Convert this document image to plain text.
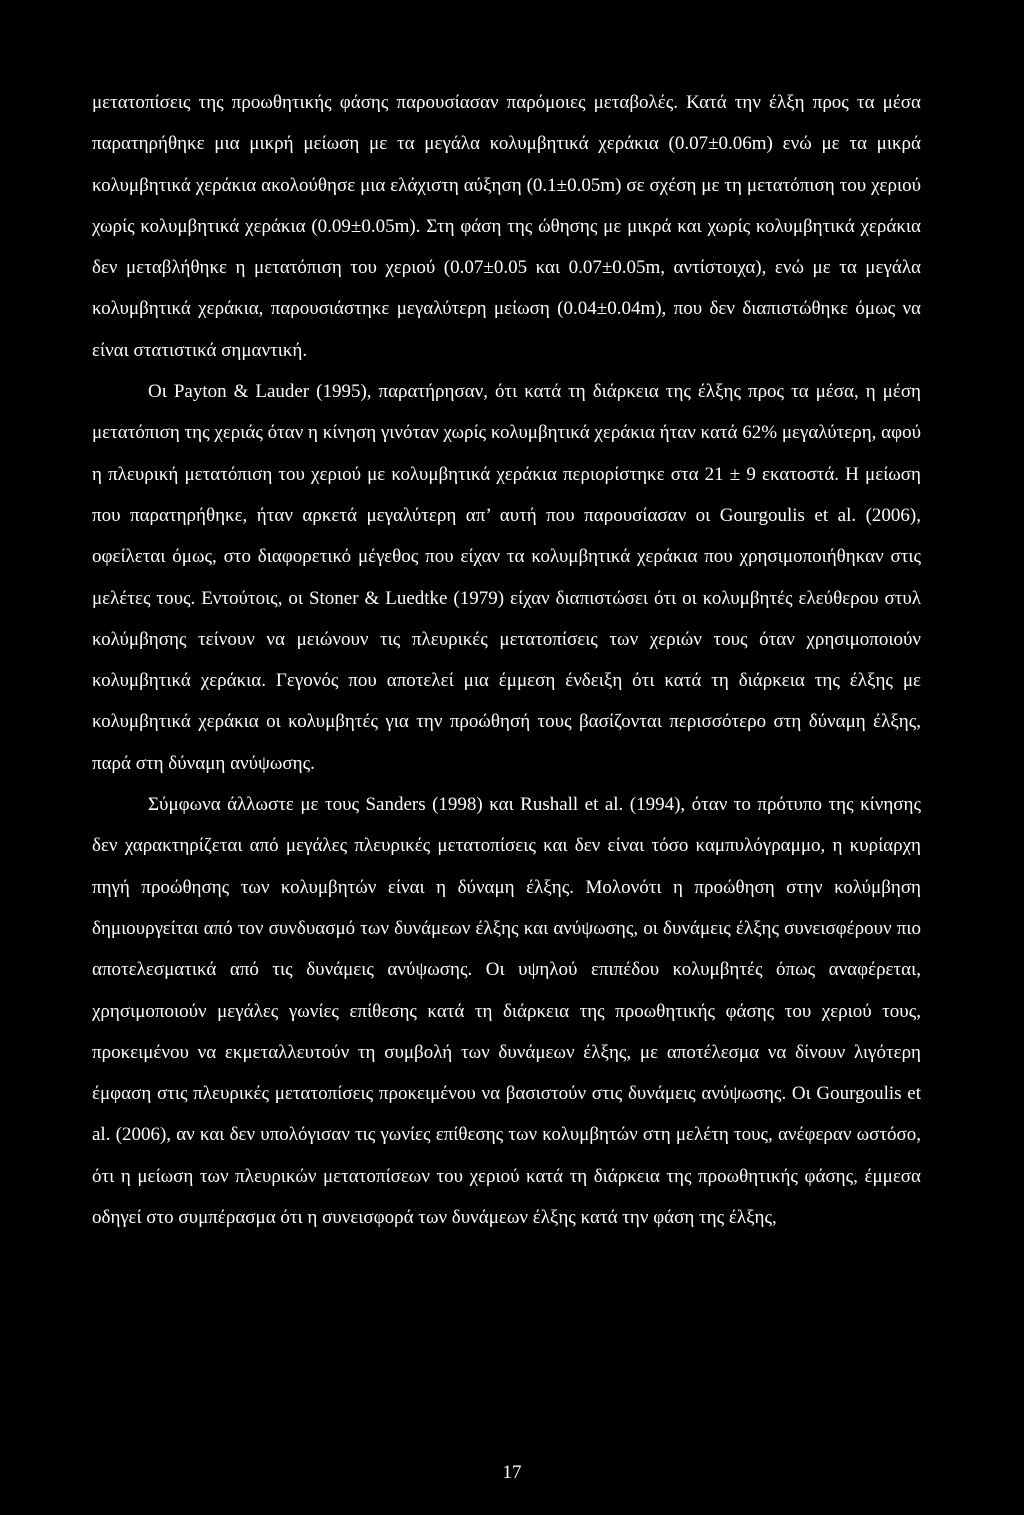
μετατοπίσεις της προωθητικής φάσης παρουσίασαν παρόμοιες μεταβολές. Κατά την έλξη προς τα μέσα παρατηρήθηκε μια μικρή μείωση με τα μεγάλα κολυμβητικά χεράκια (0.07±0.06m) ενώ με τα μικρά κολυμβητικά χεράκια ακολούθησε μια ελάχιστη αύξηση (0.1±0.05m) σε σχέση με τη μετατόπιση του χεριού χωρίς κολυμβητικά χεράκια (0.09±0.05m). Στη φάση της ώθησης με μικρά και χωρίς κολυμβητικά χεράκια δεν μεταβλήθηκε η μετατόπιση του χεριού (0.07±0.05 και 0.07±0.05m, αντίστοιχα), ενώ με τα μεγάλα κολυμβητικά χεράκια, παρουσιάστηκε μεγαλύτερη μείωση (0.04±0.04m), που δεν διαπιστώθηκε όμως να είναι στατιστικά σημαντική.

Οι Payton & Lauder (1995), παρατήρησαν, ότι κατά τη διάρκεια της έλξης προς τα μέσα, η μέση μετατόπιση της χεριάς όταν η κίνηση γινόταν χωρίς κολυμβητικά χεράκια ήταν κατά 62% μεγαλύτερη, αφού η πλευρική μετατόπιση του χεριού με κολυμβητικά χεράκια περιορίστηκε στα 21 ± 9 εκατοστά. Η μείωση που παρατηρήθηκε, ήταν αρκετά μεγαλύτερη απ’ αυτή που παρουσίασαν οι Gourgoulis et al. (2006), οφείλεται όμως, στο διαφορετικό μέγεθος που είχαν τα κολυμβητικά χεράκια που χρησιμοποιήθηκαν στις μελέτες τους. Εντούτοις, οι Stoner & Luedtke (1979) είχαν διαπιστώσει ότι οι κολυμβητές ελεύθερου στυλ κολύμβησης τείνουν να μειώνουν τις πλευρικές μετατοπίσεις των χεριών τους όταν χρησιμοποιούν κολυμβητικά χεράκια. Γεγονός που αποτελεί μια έμμεση ένδειξη ότι κατά τη διάρκεια της έλξης με κολυμβητικά χεράκια οι κολυμβητές για την προώθησή τους βασίζονται περισσότερο στη δύναμη έλξης, παρά στη δύναμη ανύψωσης.

Σύμφωνα άλλωστε με τους Sanders (1998) και Rushall et al. (1994), όταν το πρότυπο της κίνησης δεν χαρακτηρίζεται από μεγάλες πλευρικές μετατοπίσεις και δεν είναι τόσο καμπυλόγραμμο, η κυρίαρχη πηγή προώθησης των κολυμβητών είναι η δύναμη έλξης. Μολονότι η προώθηση στην κολύμβηση δημιουργείται από τον συνδυασμό των δυνάμεων έλξης και ανύψωσης, οι δυνάμεις έλξης συνεισφέρουν πιο αποτελεσματικά από τις δυνάμεις ανύψωσης. Οι υψηλού επιπέδου κολυμβητές όπως αναφέρεται, χρησιμοποιούν μεγάλες γωνίες επίθεσης κατά τη διάρκεια της προωθητικής φάσης του χεριού τους, προκειμένου να εκμεταλλευτούν τη συμβολή των δυνάμεων έλξης, με αποτέλεσμα να δίνουν λιγότερη έμφαση στις πλευρικές μετατοπίσεις προκειμένου να βασιστούν στις δυνάμεις ανύψωσης. Οι Gourgoulis et al. (2006), αν και δεν υπολόγισαν τις γωνίες επίθεσης των κολυμβητών στη μελέτη τους, ανέφεραν ωστόσο, ότι η μείωση των πλευρικών μετατοπίσεων του χεριού κατά τη διάρκεια της προωθητικής φάσης, έμμεσα οδηγεί στο συμπέρασμα ότι η συνεισφορά των δυνάμεων έλξης κατά την φάση της έλξης,

17
